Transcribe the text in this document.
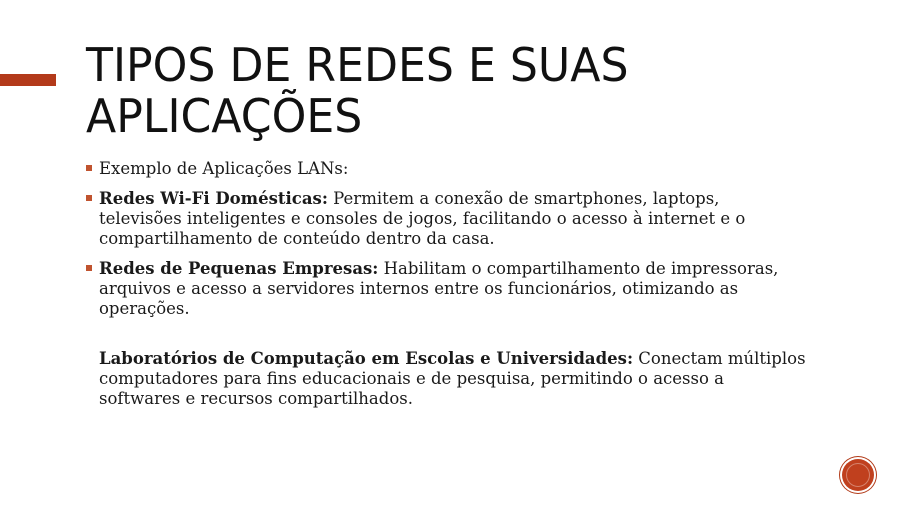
TIPOS DE REDES E SUAS APLICAÇÕES
Exemplo de Aplicações LANs:
Redes Wi-Fi Domésticas: Permitem a conexão de smartphones, laptops, televisões inteligentes e consoles de jogos, facilitando o acesso à internet e o compartilhamento de conteúdo dentro da casa.
Redes de Pequenas Empresas: Habilitam o compartilhamento de impressoras, arquivos e acesso a servidores internos entre os funcionários, otimizando as operações.

Laboratórios de Computação em Escolas e Universidades: Conectam múltiplos computadores para fins educacionais e de pesquisa, permitindo o acesso a softwares e recursos compartilhados.
